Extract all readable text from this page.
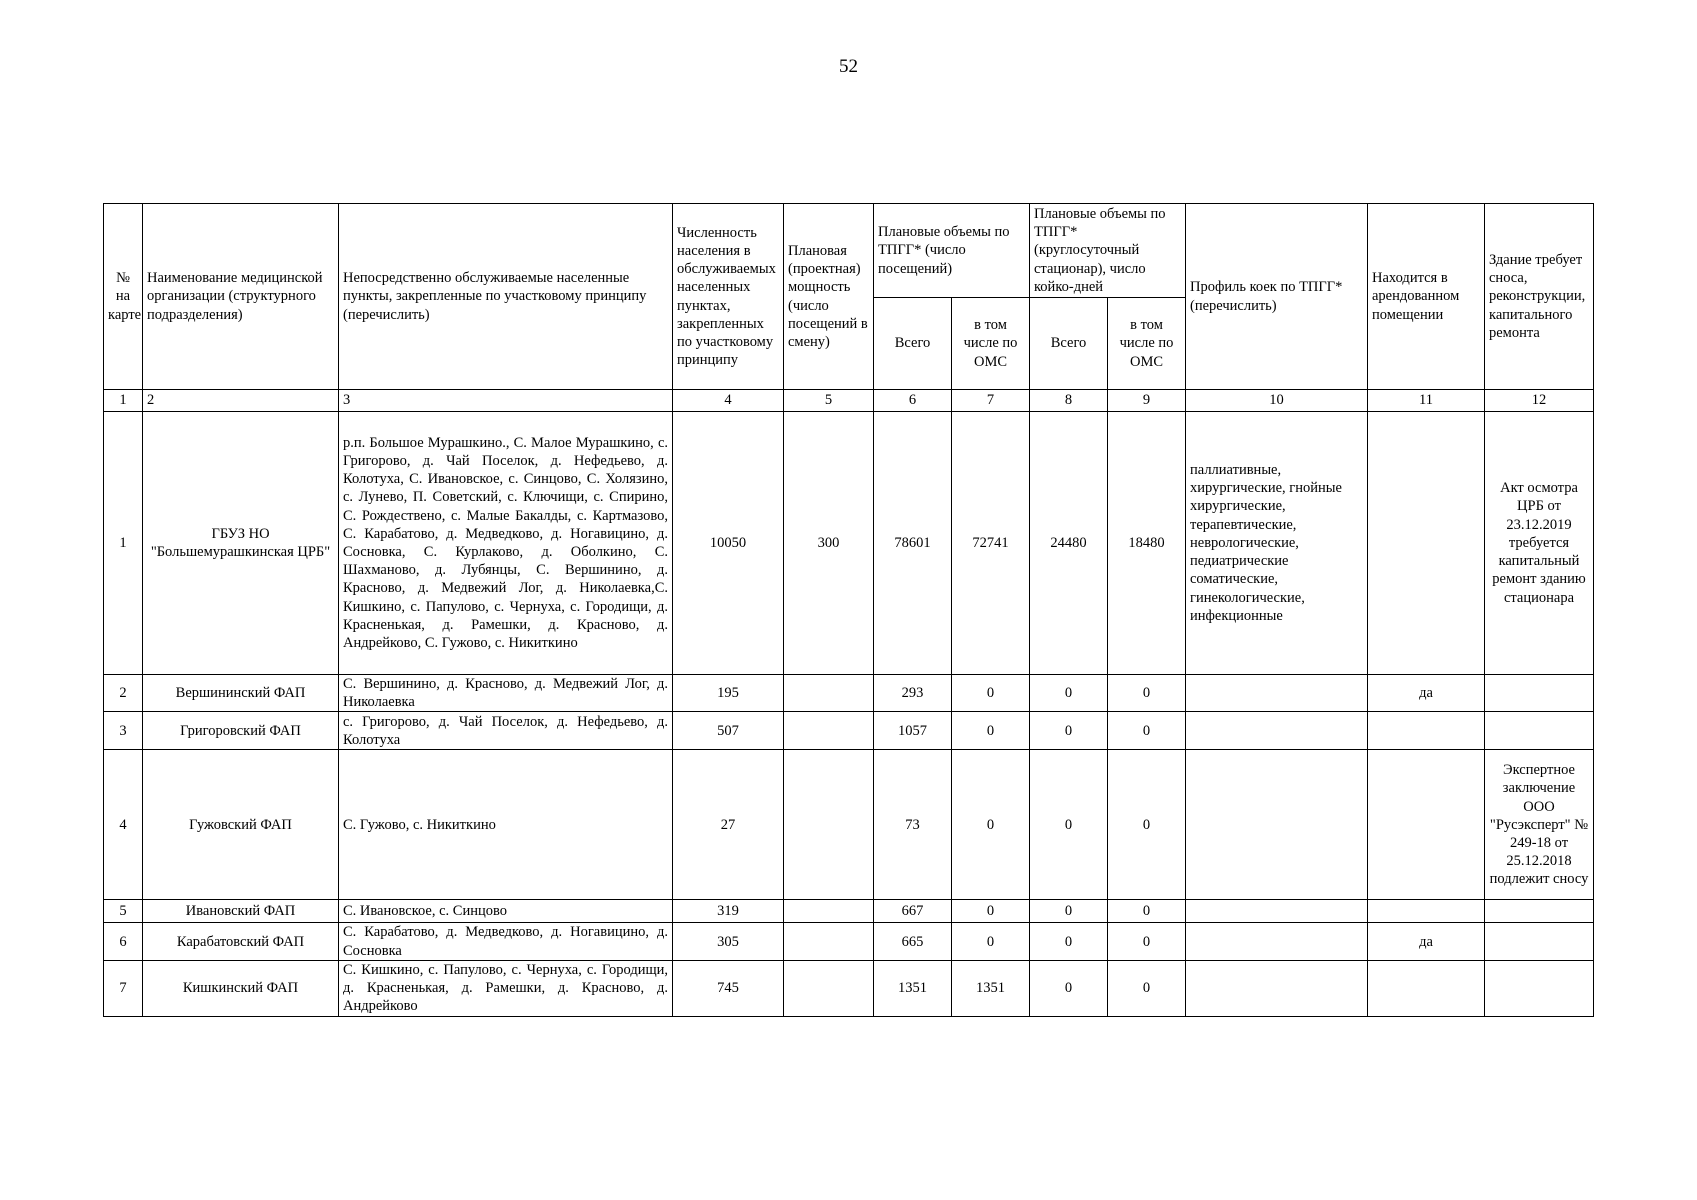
52
№ на карте	Наименование медицинской организации (структурного подразделения)	Непосредственно обслуживаемые населенные пункты, закрепленные по участковому принципу (перечислить)	Численность населения в обслуживаемых населенных пунктах, закрепленных по участковому принципу	Плановая (проектная) мощность (число посещений в смену)	Плановые объемы по ТПГГ* (число посещений)		Плановые объемы по ТПГГ* (круглосуточный стационар), число койко-дней		Профиль коек по ТПГГ* (перечислить)	Находится в арендованном помещении	Здание требует сноса, реконструкции, капитального ремонта
					Всего	в том числе по ОМС	Всего	в том числе по ОМС			
1	2	3	4	5	6	7	8	9	10	11	12
1	ГБУЗ НО "Большемурашкинская ЦРБ"	р.п. Большое Мурашкино., С. Малое Мурашкино, с. Григорово, д. Чай Поселок, д. Нефедьево, д. Колотуха, С. Ивановское, с. Синцово, С. Холязино, с. Лунево, П. Советский, с. Ключищи, с. Спирино, С. Рождествено, с. Малые Бакалды, с. Картмазово, С. Карабатово, д. Медведково, д. Ногавицино, д. Сосновка, С. Курлаково, д. Оболкино, С. Шахманово, д. Лубянцы, С. Вершинино, д. Красново, д. Медвежий Лог, д. Николаевка,С. Кишкино, с. Папулово, с. Чернуха, с. Городищи, д. Красненькая, д. Рамешки, д. Красново, д. Андрейково, С. Гужово, с. Никиткино	10050	300	78601	72741	24480	18480	паллиативные, хирургические, гнойные хирургические, терапевтические, неврологические, педиатрические соматические, гинекологические, инфекционные		Акт осмотра ЦРБ от 23.12.2019 требуется капитальный ремонт зданию стационара
2	Вершининский ФАП	С. Вершинино, д. Красново, д. Медвежий Лог, д. Николаевка	195		293	0	0	0		да	
3	Григоровский ФАП	с. Григорово, д. Чай Поселок, д. Нефедьево, д. Колотуха	507		1057	0	0	0			
4	Гужовский ФАП	С. Гужово, с. Никиткино	27		73	0	0	0			Экспертное заключение ООО "Русэксперт" № 249-18 от 25.12.2018 подлежит сносу
5	Ивановский ФАП	С. Ивановское, с. Синцово	319		667	0	0	0			
6	Карабатовский ФАП	С. Карабатово, д. Медведково, д. Ногавицино, д. Сосновка	305		665	0	0	0		да	
7	Кишкинский ФАП	С. Кишкино, с. Папулово, с. Чернуха, с. Городищи, д. Красненькая, д. Рамешки, д. Красново, д. Андрейково	745		1351	1351	0	0			
